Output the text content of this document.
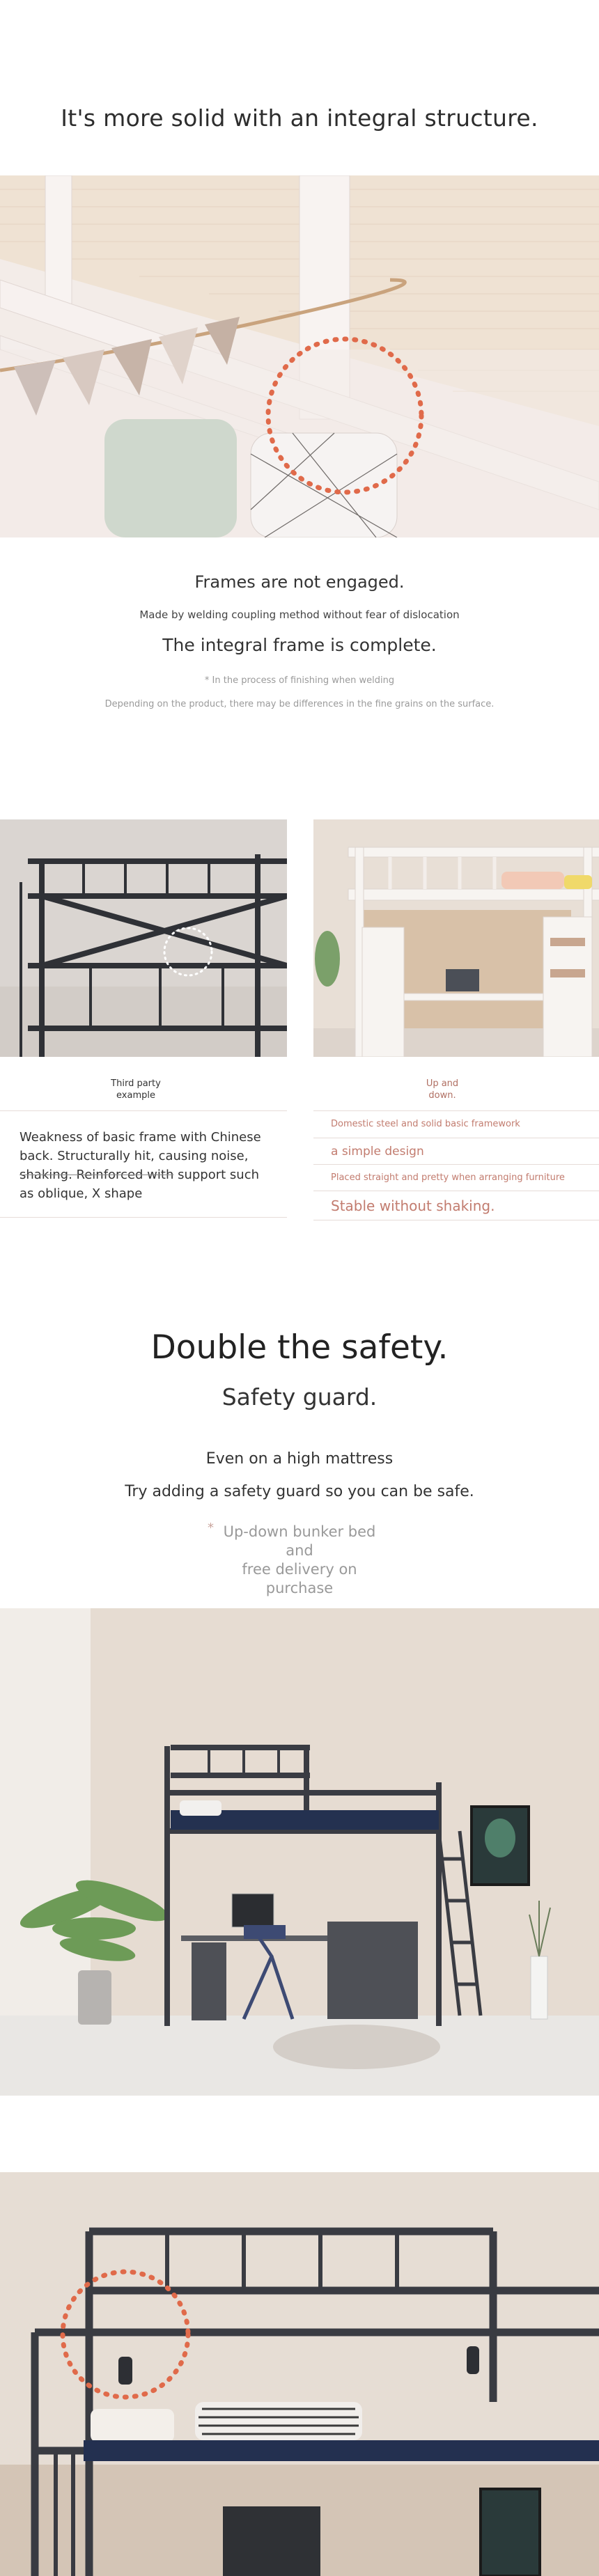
It's more solid with an integral structure.
Frames are not engaged.
Made by welding coupling method without fear of dislocation
The integral frame is complete.
* In the process of finishing when welding
Depending on the product, there may be differences in the fine grains on the surface.
Third party
example
Up and
down.
Weakness of basic frame with Chinese back. Structurally hit, causing noise, shaking. Reinforced with support such as oblique, X shape
Domestic steel and solid basic framework
a simple design
Placed straight and pretty when arranging furniture
Stable without shaking.
Double the safety.
Safety guard.
Even on a high mattress
Try adding a safety guard so you can be safe.
* Up-down bunker bed and
free delivery on purchase
